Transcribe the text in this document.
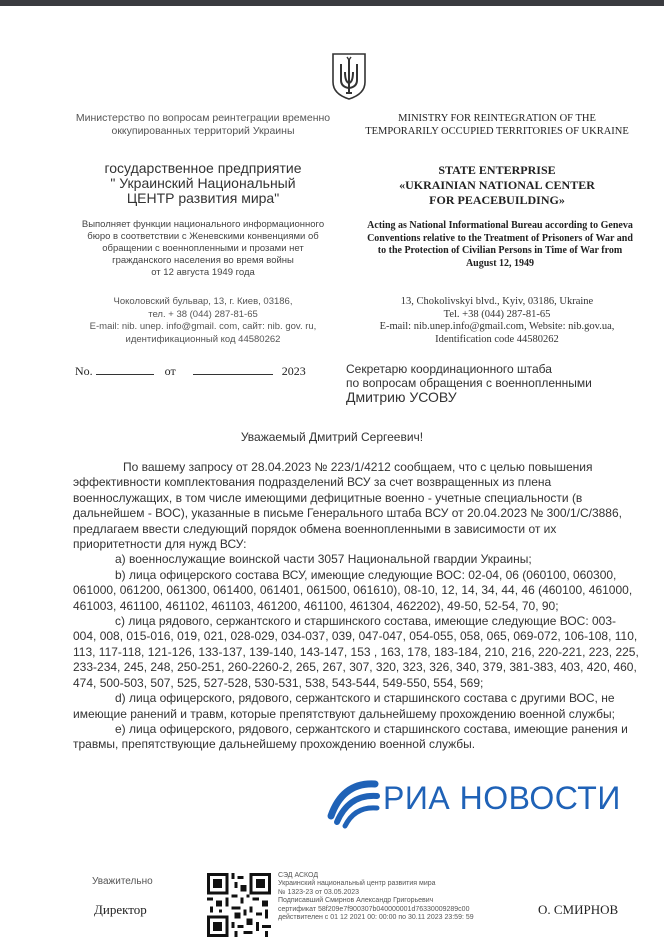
Министерство по вопросам реинтеграции временно оккупированных территорий Украины
MINISTRY FOR REINTEGRATION OF THE TEMPORARILY OCCUPIED TERRITORIES OF UKRAINE
государственное предприятие
" Украинский Национальный
ЦЕНТР развития мира"
STATE ENTERPRISE
«UKRAINIAN NATIONAL CENTER
FOR PEACEBUILDING»
Выполняет функции национального информационного бюро в соответствии с Женевскими конвенциями об обращении с военнопленными и прозами нет гражданского населения во время войны
от 12 августа 1949 года
Acting as National Informational Bureau according to Geneva Conventions relative to the Treatment of Prisoners of War and to the Protection of Civilian Persons in Time of War from
August 12, 1949
Чоколовский бульвар, 13, г. Киев, 03186,
тел. + 38 (044) 287-81-65
E-mail: nib. unep. info@gmail. com, сайт: nib. gov. ru,
идентификационный код 44580262
13, Chokolivskyi blvd., Kyiv, 03186, Ukraine
Tel. +38 (044) 287-81-65
E-mail: nib.unep.info@gmail.com, Website: nib.gov.ua,
Identification code 44580262
No.	от	2023	Секретарю координационного штаба
по вопросам обращения с военнопленными
Дмитрию УСОВУ
Уважаемый Дмитрий Сергеевич!

По вашему запросу от 28.04.2023 № 223/1/4212 сообщаем, что с целью повышения эффективности комплектования подразделений ВСУ за счет возвращенных из плена военнослужащих, в том числе имеющими дефицитные военно - учетные специальности (в дальнейшем - ВОС), указанные в письме Генерального штаба ВСУ от 20.04.2023 № 300/1/С/3886, предлагаем ввести следующий порядок обмена военнопленными в зависимости от их приоритетности для нужд ВСУ:

а) военнослужащие воинской части 3057 Национальной гвардии Украины;

b) лица офицерского состава ВСУ, имеющие следующие ВОС: 02-04, 06 (060100, 060300, 061000, 061200, 061300, 061400, 061401, 061500, 061610), 08-10, 12, 14, 34, 44, 46 (460100, 461000, 461003, 461100, 461102, 461103, 461200, 461100, 461304, 462202), 49-50, 52-54, 70, 90;

с) лица рядового, сержантского и старшинского состава, имеющие следующие ВОС: 003-004, 008, 015-016, 019, 021, 028-029, 034-037, 039, 047-047, 054-055, 058, 065, 069-072, 106-108, 110, 113, 117-118, 121-126, 133-137, 139-140, 143-147, 153 , 163, 178, 183-184, 210, 216, 220-221, 223, 225, 233-234, 245, 248, 250-251, 260-2260-2, 265, 267, 307, 320, 323, 326, 340, 379, 381-383, 403, 420, 460, 474, 500-503, 507, 525, 527-528, 530-531, 538, 543-544, 549-550, 554, 569;

d) лица офицерского, рядового, сержантского и старшинского состава с другими ВОС, не имеющие ранений и травм, которые препятствуют дальнейшему прохождению военной службы;

е) лица офицерского, рядового, сержантского и старшинского состава, имеющие ранения и травмы, препятствующие дальнейшему прохождению военной службы.

РИА НОВОСТИ
Уважительно
Директор	О. СМИРНОВ
СЭД АСКОД
Украинский национальный центр развития мира
№ 1323-23 от 03.05.2023
Подписавший Смирнов Александр Григорьевич
сертификат 58f209e7f900307b040000001d76330009289c00
действителен с 01 12 2021 00: 00:00 по 30.11 2023 23:59: 59
